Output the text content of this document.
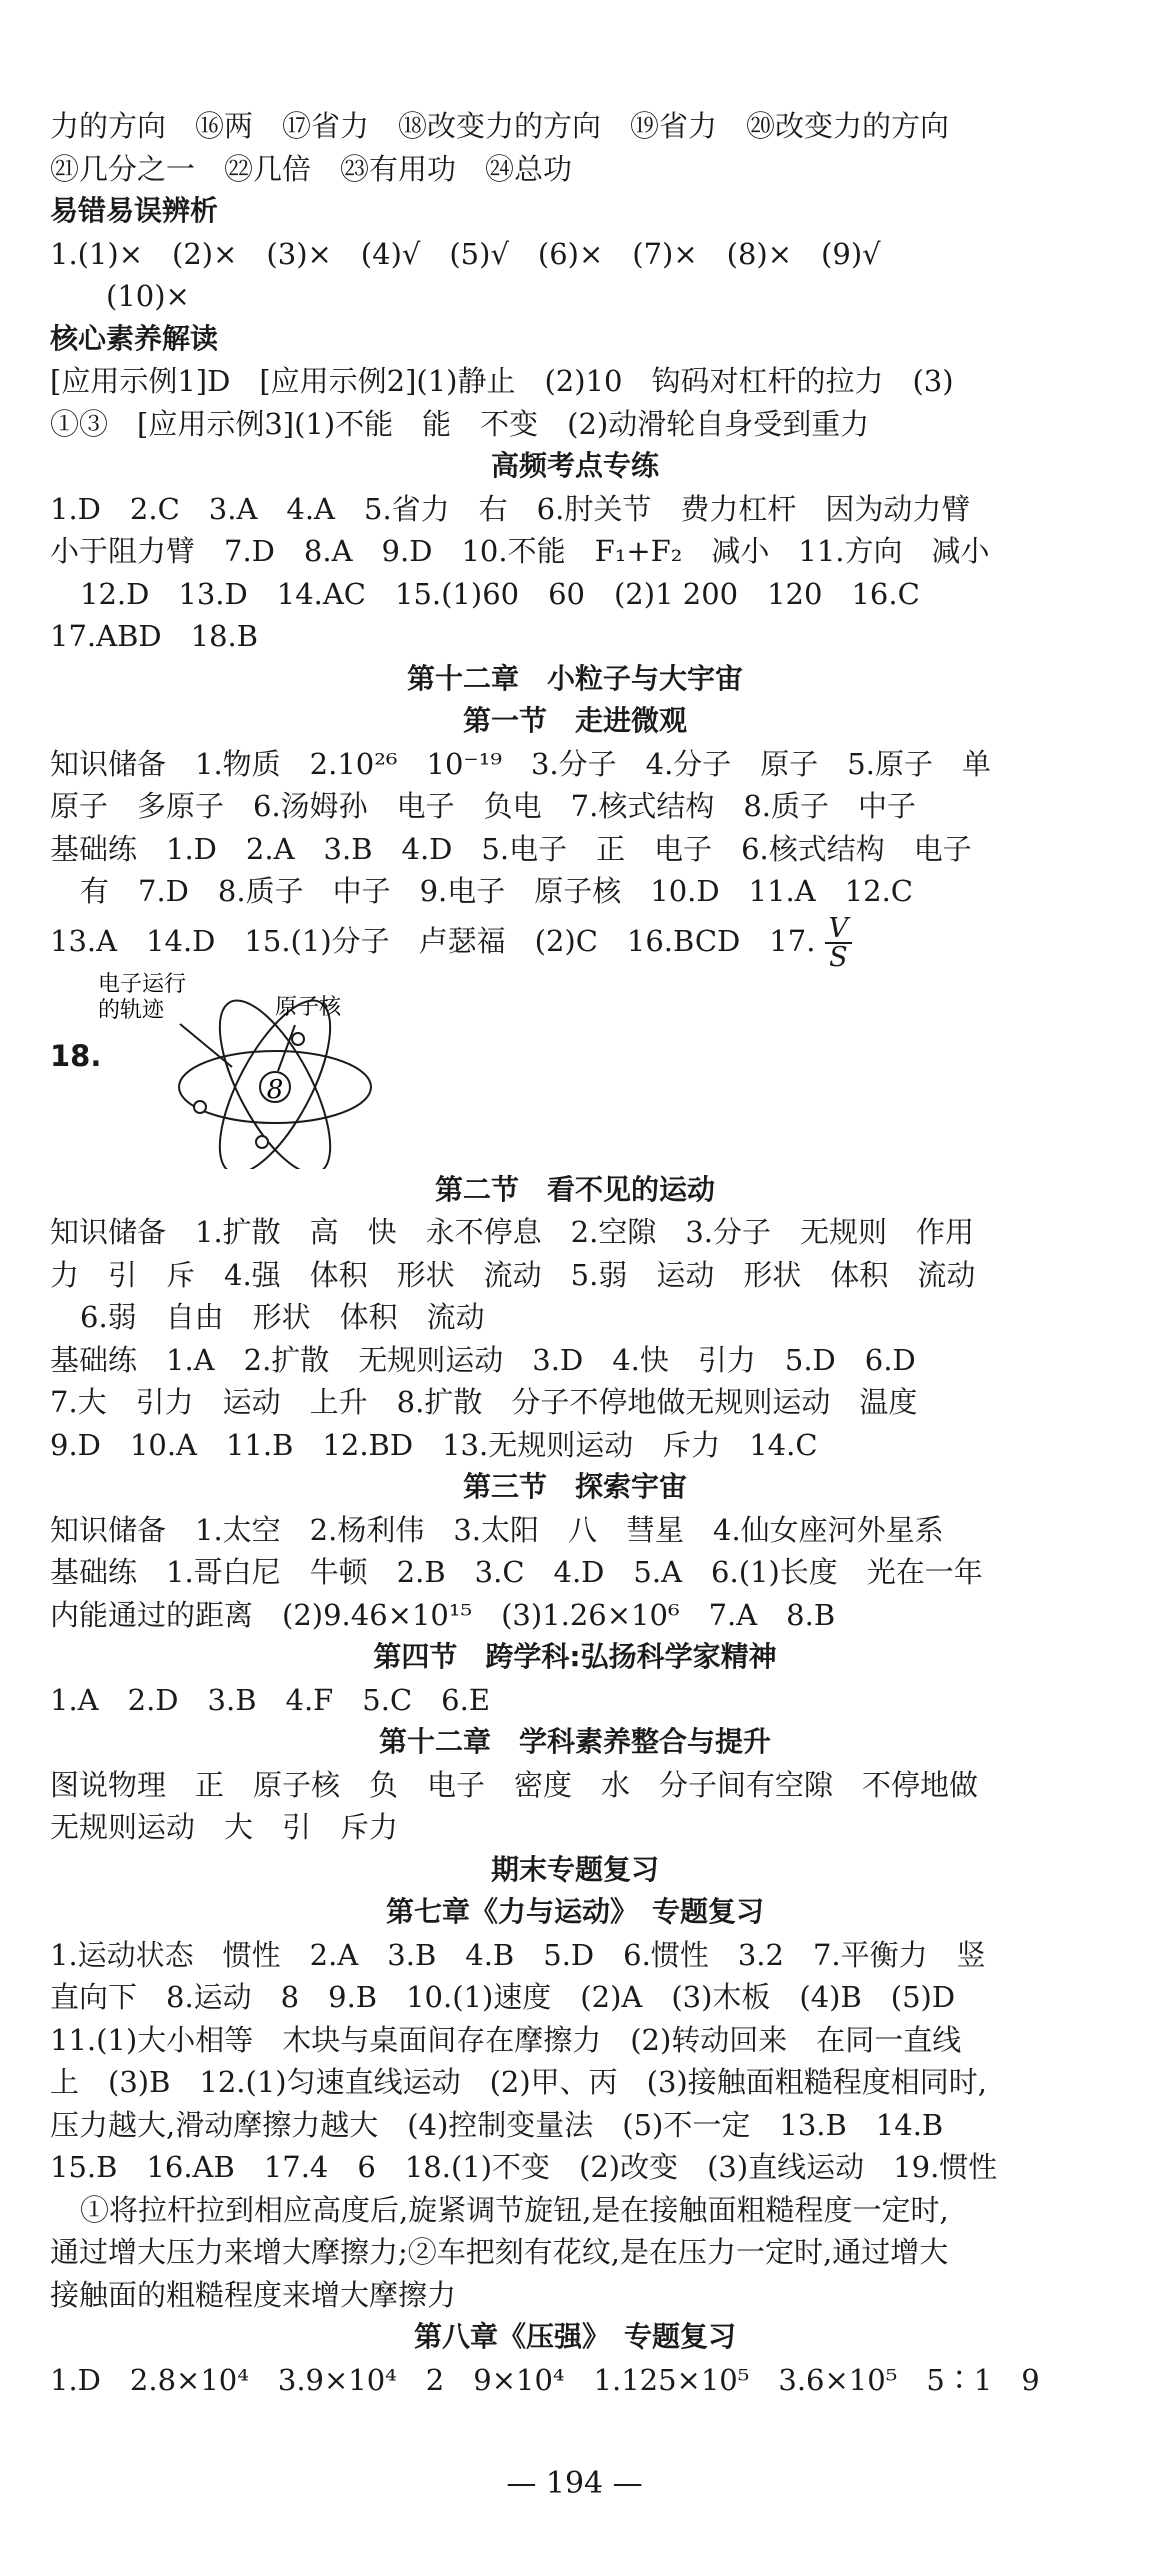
力的方向　⑯两　⑰省力　⑱改变力的方向　⑲省力　⑳改变力的方向
㉑几分之一　㉒几倍　㉓有用功　㉔总功
易错易误辨析
1.(1)×　(2)×　(3)×　(4)√　(5)√　(6)×　(7)×　(8)×　(9)√
(10)×
核心素养解读
[应用示例1]D　[应用示例2](1)静止　(2)10　钩码对杠杆的拉力　(3)
①③　[应用示例3](1)不能　能　不变　(2)动滑轮自身受到重力
高频考点专练
1.D　2.C　3.A　4.A　5.省力　右　6.肘关节　费力杠杆　因为动力臂
小于阻力臂　7.D　8.A　9.D　10.不能　F₁+F₂　减小　11.方向　减小
12.D　13.D　14.AC　15.(1)60　60　(2)1 200　120　16.C
17.ABD　18.B
第十二章　小粒子与大宇宙
第一节　走进微观
知识储备　1.物质　2.10²⁶　10⁻¹⁹　3.分子　4.分子　原子　5.原子　单
原子　多原子　6.汤姆孙　电子　负电　7.核式结构　8.质子　中子
基础练　1.D　2.A　3.B　4.D　5.电子　正　电子　6.核式结构　电子
有　7.D　8.质子　中子　9.电子　原子核　10.D　11.A　12.C
13.A　14.D　15.(1)分子　卢瑟福　(2)C　16.BCD　17. $\frac{V}{S}$
18.
8
电子运行
的轨迹	原子核
第二节　看不见的运动
知识储备　1.扩散　高　快　永不停息　2.空隙　3.分子　无规则　作用
力　引　斥　4.强　体积　形状　流动　5.弱　运动　形状　体积　流动
6.弱　自由　形状　体积　流动
基础练　1.A　2.扩散　无规则运动　3.D　4.快　引力　5.D　6.D
7.大　引力　运动　上升　8.扩散　分子不停地做无规则运动　温度
9.D　10.A　11.B　12.BD　13.无规则运动　斥力　14.C
第三节　探索宇宙
知识储备　1.太空　2.杨利伟　3.太阳　八　彗星　4.仙女座河外星系
基础练　1.哥白尼　牛顿　2.B　3.C　4.D　5.A　6.(1)长度　光在一年
内能通过的距离　(2)9.46×10¹⁵　(3)1.26×10⁶　7.A　8.B
第四节　跨学科:弘扬科学家精神
1.A　2.D　3.B　4.F　5.C　6.E
第十二章　学科素养整合与提升
图说物理　正　原子核　负　电子　密度　水　分子间有空隙　不停地做
无规则运动　大　引　斥力
期末专题复习
第七章《力与运动》　专题复习
1.运动状态　惯性　2.A　3.B　4.B　5.D　6.惯性　3.2　7.平衡力　竖
直向下　8.运动　8　9.B　10.(1)速度　(2)A　(3)木板　(4)B　(5)D
11.(1)大小相等　木块与桌面间存在摩擦力　(2)转动回来　在同一直线
上　(3)B　12.(1)匀速直线运动　(2)甲、丙　(3)接触面粗糙程度相同时,
压力越大,滑动摩擦力越大　(4)控制变量法　(5)不一定　13.B　14.B
15.B　16.AB　17.4　6　18.(1)不变　(2)改变　(3)直线运动　19.惯性
①将拉杆拉到相应高度后,旋紧调节旋钮,是在接触面粗糙程度一定时,
通过增大压力来增大摩擦力;②车把刻有花纹,是在压力一定时,通过增大
接触面的粗糙程度来增大摩擦力
第八章《压强》　专题复习
1.D　2.8×10⁴　3.9×10⁴　2　9×10⁴　1.125×10⁵　3.6×10⁵　5∶1　9
— 194 —
